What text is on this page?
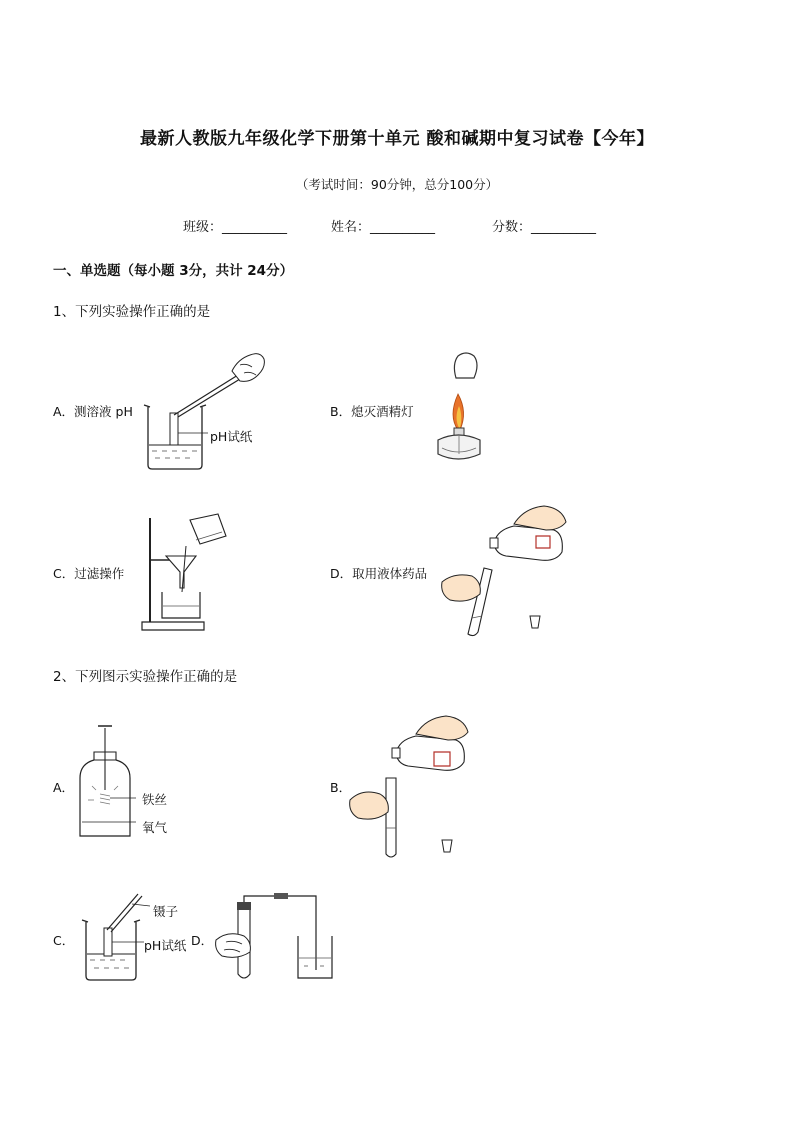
最新人教版九年级化学下册第十单元 酸和碱期中复习试卷【今年】
（考试时间：90分钟，总分100分）
班级：__________	姓名：__________	分数：__________
一、单选题（每小题 3分，共计 24分）
1、下列实验操作正确的是
A．测溶液 pH
pH试纸
B．熄灭酒精灯
C．过滤操作	D．取用液体药品
2、下列图示实验操作正确的是
A．
铁丝
氧气
B．
C．
镊子
pH试纸 D．
